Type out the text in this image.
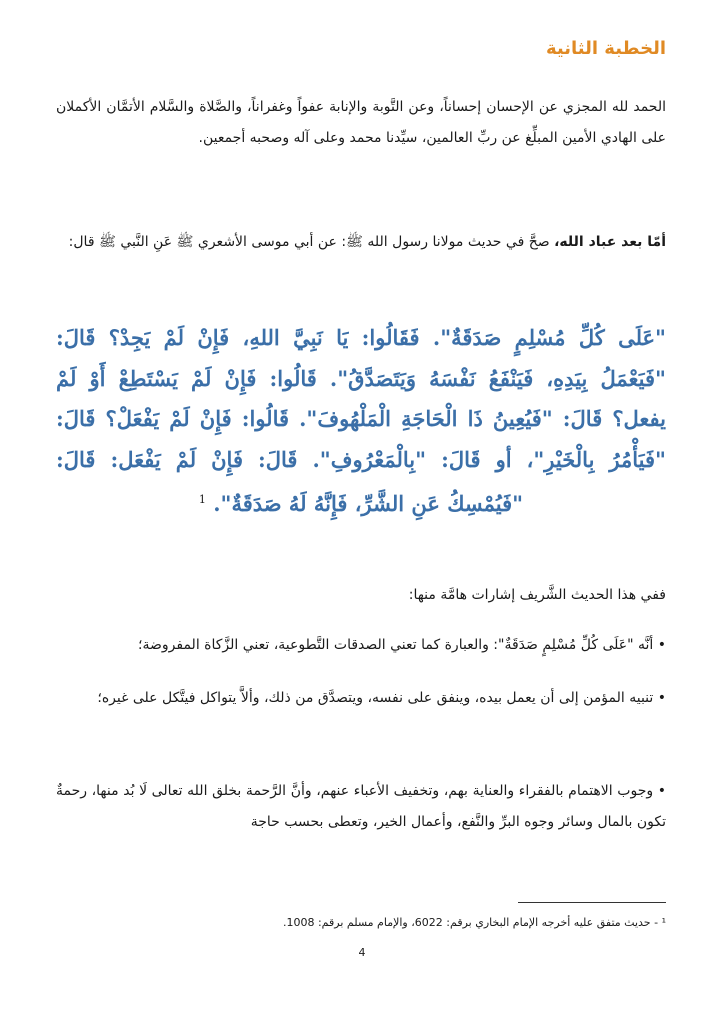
الخطبة الثانية

الحمد لله المجزي عن الإحسان إحساناً، وعن التَّوبة والإنابة عفواً وغفراناً، والصَّلاة والسَّلام الأتمَّان الأكملان على الهادي الأمين المبلِّغ عن ربِّ العالمين، سيِّدنا محمد وعلى آله وصحبه أجمعين.

أمّا بعد عباد الله، صحَّ في حديث مولانا رسول الله ﷺ: عن أبي موسى الأشعري ﷺ عَنِ النَّبي ﷺ قال:

"عَلَى كُلِّ مُسْلِمٍ صَدَقَةٌ". فَقَالُوا: يَا نَبِيَّ اللهِ، فَإِنْ لَمْ يَجِدْ؟ قَالَ: "فَيَعْمَلُ بِيَدِهِ، فَيَنْفَعُ نَفْسَهُ وَيَتَصَدَّقُ". قَالُوا: فَإِنْ لَمْ يَسْتَطِعْ أَوْ لَمْ يفعل؟ قَالَ: "فَيُعِينُ ذَا الْحَاجَةِ الْمَلْهُوفَ". قَالُوا: فَإِنْ لَمْ يَفْعَلْ؟ قَالَ: "فَيَأْمُرُ بِالْخَيْرِ"، أو قَالَ: "بِالْمَعْرُوفِ". قَالَ: فَإِنْ لَمْ يَفْعَل: قَالَ: "فَيُمْسِكُ عَنِ الشَّرِّ، فَإِنَّهُ لَهُ صَدَقَةٌ". $^1$

ففي هذا الحديث الشَّريف إشارات هامَّة منها:

• أنَّه "عَلَى كُلِّ مُسْلِمٍ صَدَقَةٌ": والعبارة كما تعني الصدقات التَّطوعية، تعني الزَّكاة المفروضة؛

• تنبيه المؤمن إلى أن يعمل بيده، وينفق على نفسه، ويتصدَّق من ذلك، وألاَّ يتواكل فيتَّكل على غيره؛

• وجوب الاهتمام بالفقراء والعناية بهم، وتخفيف الأعباء عنهم، وأنَّ الرَّحمة بخلق الله تعالى لَا بُد منها، رحمةٌ تكون بالمال وسائر وجوه البرِّ والنَّفع، وأعمال الخير، وتعطى بحسب حاجة

¹ - حديث متفق عليه أخرجه الإمام البخاري برقم: 6022، والإمام مسلم برقم: 1008.

4
